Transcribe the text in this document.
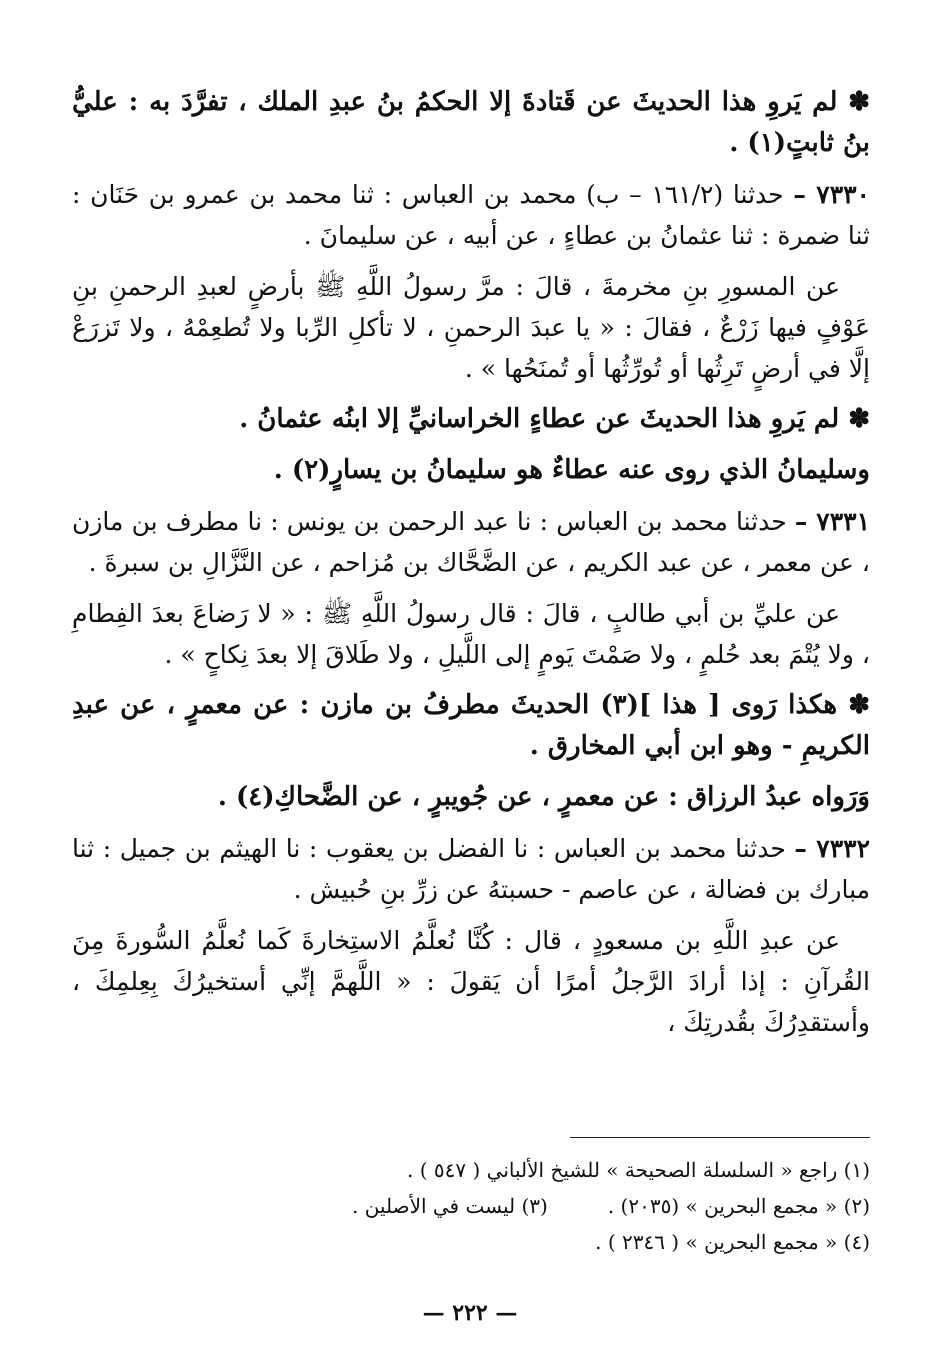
✽ لم يَروِ هذا الحديثَ عن قَتادةَ إلا الحكمُ بنُ عبدِ الملك ، تفرَّدَ به : عليُّ بنُ ثابتٍ(١) .

٧٣٣٠ – حدثنا (١٦١/٢ – ب) محمد بن العباس : ثنا محمد بن عمرو بن حَنَان : ثنا ضمرة : ثنا عثمانُ بن عطاءٍ ، عن أبيه ، عن سليمانَ .

عن المسورِ بنِ مخرمةَ ، قالَ : مرَّ رسولُ اللَّهِ ﷺ بأرضٍ لعبدِ الرحمنِ بنِ عَوْفٍ فيها زَرْعٌ ، فقالَ : « يا عبدَ الرحمنِ ، لا تأكلِ الرِّبا ولا تُطعِمْهُ ، ولا تَزرَعْ إلَّا في أرضٍ تَرِثُها أو تُورِّثُها أو تُمنَحُها » .

✽ لم يَروِ هذا الحديثَ عن عطاءٍ الخراسانيِّ إلا ابنُه عثمانُ .

وسليمانُ الذي روى عنه عطاءٌ هو سليمانُ بن يسارٍ(٢) .

٧٣٣١ – حدثنا محمد بن العباس : نا عبد الرحمن بن يونس : نا مطرف بن مازن ، عن معمر ، عن عبد الكريم ، عن الضَّحَّاك بن مُزاحم ، عن النَّزَّالِ بن سبرةَ .

عن عليِّ بن أبي طالبٍ ، قالَ : قال رسولُ اللَّهِ ﷺ : « لا رَضاعَ بعدَ الفِطامِ ، ولا يُتْمَ بعد حُلمٍ ، ولا صَمْتَ يَومٍ إلى اللَّيلِ ، ولا طَلاقَ إلا بعدَ نِكاحٍ » .

✽ هكذا رَوى [ هذا ](٣) الحديثَ مطرفُ بن مازن : عن معمرٍ ، عن عبدِ الكريمِ - وهو ابن أبي المخارق .

وَرَواه عبدُ الرزاق : عن معمرٍ ، عن جُويبرٍ ، عن الضَّحاكِ(٤) .

٧٣٣٢ – حدثنا محمد بن العباس : نا الفضل بن يعقوب : نا الهيثم بن جميل : ثنا مبارك بن فضالة ، عن عاصم - حسبتهُ عن زرِّ بنِ حُبيش .

عن عبدِ اللَّهِ بن مسعودٍ ، قال : كُنَّا نُعلَّمُ الاستِخارةَ كَما نُعلَّمُ السُّورةَ مِنَ القُرآنِ : إذا أرادَ الرَّجلُ أمرًا أن يَقولَ : « اللَّهمَّ إنِّي أستخيرُكَ بِعِلمِكَ ، وأستقدِرُكَ بقُدرتِكَ ،

(١) راجع « السلسلة الصحيحة » للشيخ الألباني ( ٥٤٧ ) .
(٢) « مجمع البحرين » (٢٠٣٥) .
(٣) ليست في الأصلين .
(٤) « مجمع البحرين » ( ٢٣٤٦ ) .
— ٢٢٢ —
